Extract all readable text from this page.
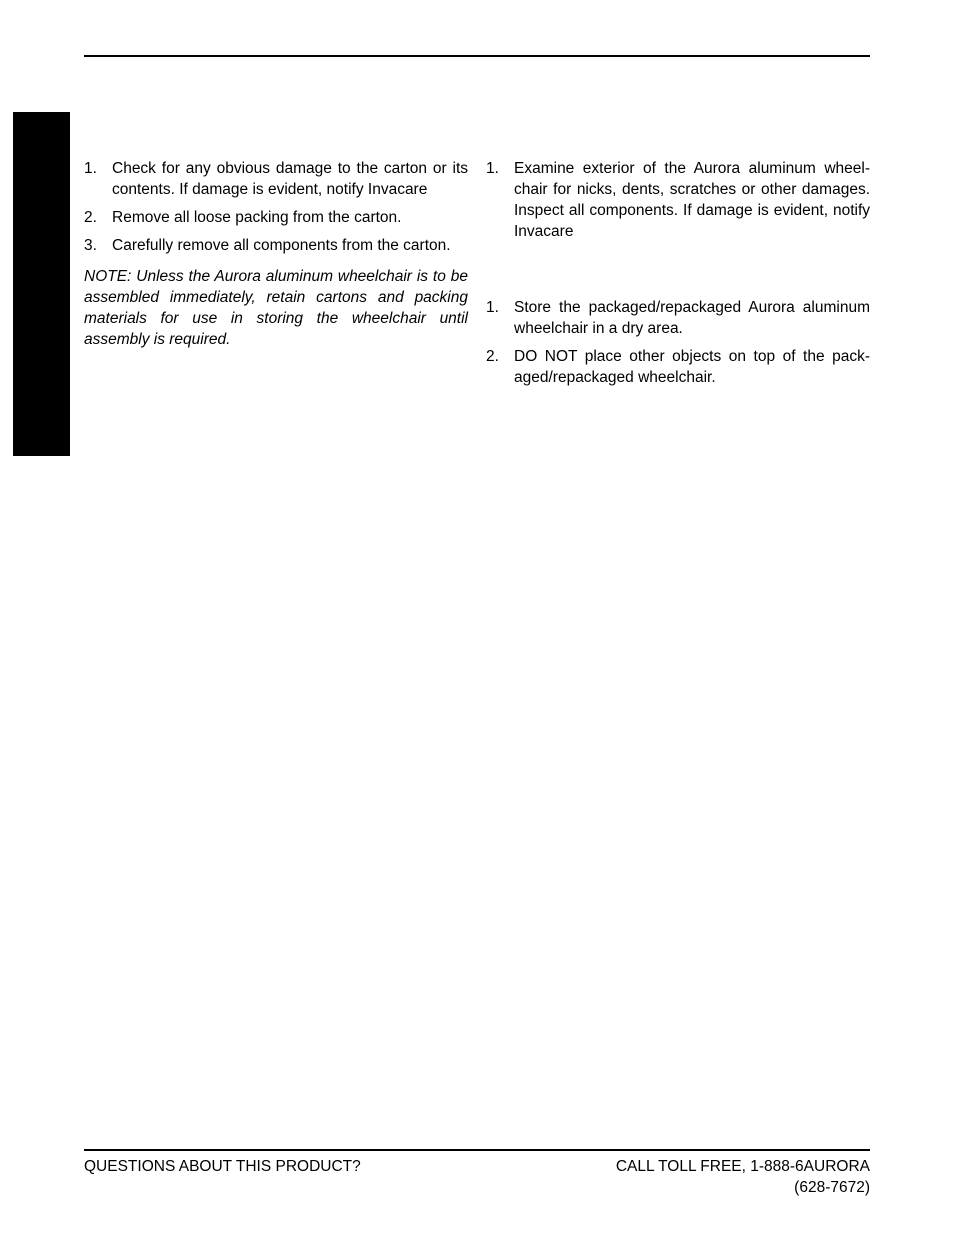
1. Check for any obvious damage to the carton or its contents. If damage is evident, notify Invacare
2. Remove all loose packing from the carton.
3. Carefully remove all components from the carton.

NOTE: Unless the Aurora aluminum wheelchair is to be assembled immediately, retain cartons and packing materials for use in storing the wheelchair until assembly is required.

1. Examine exterior of the Aurora aluminum wheelchair for nicks, dents, scratches or other damages. Inspect all components. If damage is evident, notify Invacare
1. Store the packaged/repackaged Aurora aluminum wheelchair in a dry area.
2. DO NOT place other objects on top of the packaged/repackaged wheelchair.
QUESTIONS ABOUT THIS PRODUCT?	CALL TOLL FREE, 1-888-6AURORA
(628-7672)
